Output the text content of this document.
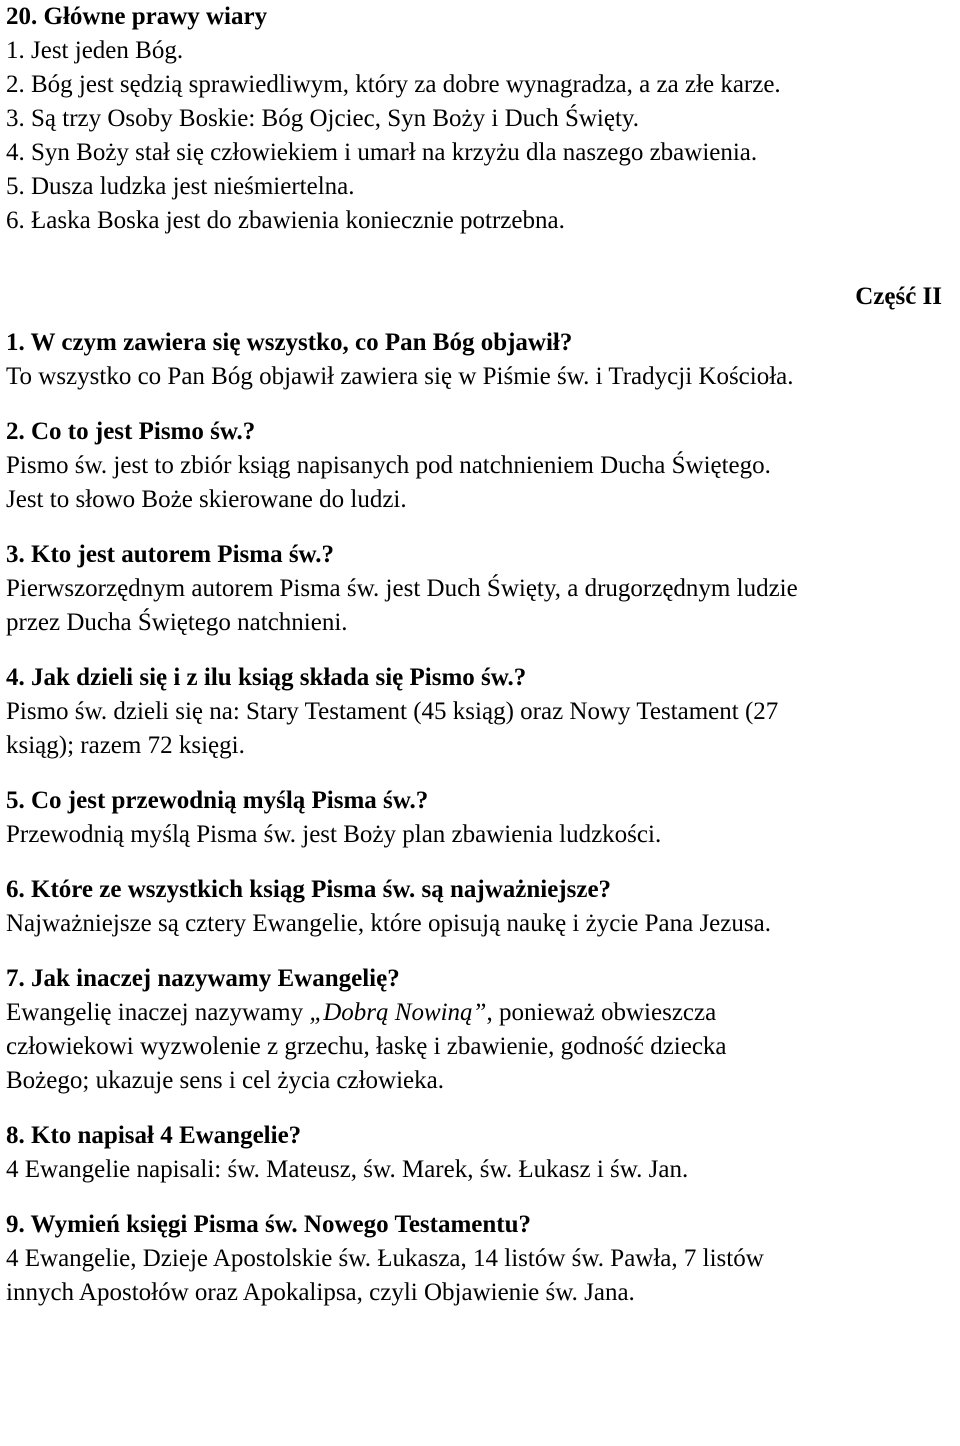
20. Główne prawy wiary
1. Jest jeden Bóg.
2. Bóg jest sędzią sprawiedliwym, który za dobre wynagradza, a za złe karze.
3. Są trzy Osoby Boskie: Bóg Ojciec, Syn Boży i Duch Święty.
4. Syn Boży stał się człowiekiem i umarł na krzyżu dla naszego zbawienia.
5. Dusza ludzka jest nieśmiertelna.
6. Łaska Boska jest do zbawienia koniecznie potrzebna.
Część II
1. W czym zawiera się wszystko, co Pan Bóg objawił?
To wszystko co Pan Bóg objawił zawiera się w Piśmie św. i Tradycji Kościoła.
2. Co to jest Pismo św.?
Pismo św. jest to zbiór ksiąg napisanych pod natchnieniem Ducha Świętego.
Jest to słowo Boże skierowane do ludzi.
3. Kto jest autorem Pisma św.?
Pierwszorzędnym autorem Pisma św. jest Duch Święty, a drugorzędnym ludzie
przez Ducha Świętego natchnieni.
4. Jak dzieli się i z ilu ksiąg składa się Pismo św.?
Pismo św. dzieli się na: Stary Testament (45 ksiąg) oraz Nowy Testament (27
ksiąg); razem 72 księgi.
5. Co jest przewodnią myślą Pisma św.?
Przewodnią myślą Pisma św. jest Boży plan zbawienia ludzkości.
6. Które ze wszystkich ksiąg Pisma św. są najważniejsze?
Najważniejsze są cztery Ewangelie, które opisują naukę i życie Pana Jezusa.
7. Jak inaczej nazywamy Ewangelię?
Ewangelię inaczej nazywamy „Dobrą Nowiną”, ponieważ obwieszcza
człowiekowi wyzwolenie z grzechu, łaskę i zbawienie, godność dziecka
Bożego; ukazuje sens i cel życia człowieka.
8. Kto napisał 4 Ewangelie?
4 Ewangelie napisali: św. Mateusz, św. Marek, św. Łukasz i św. Jan.
9. Wymień księgi Pisma św. Nowego Testamentu?
4 Ewangelie, Dzieje Apostolskie św. Łukasza, 14 listów św. Pawła, 7 listów
innych Apostołów oraz Apokalipsa, czyli Objawienie św. Jana.
